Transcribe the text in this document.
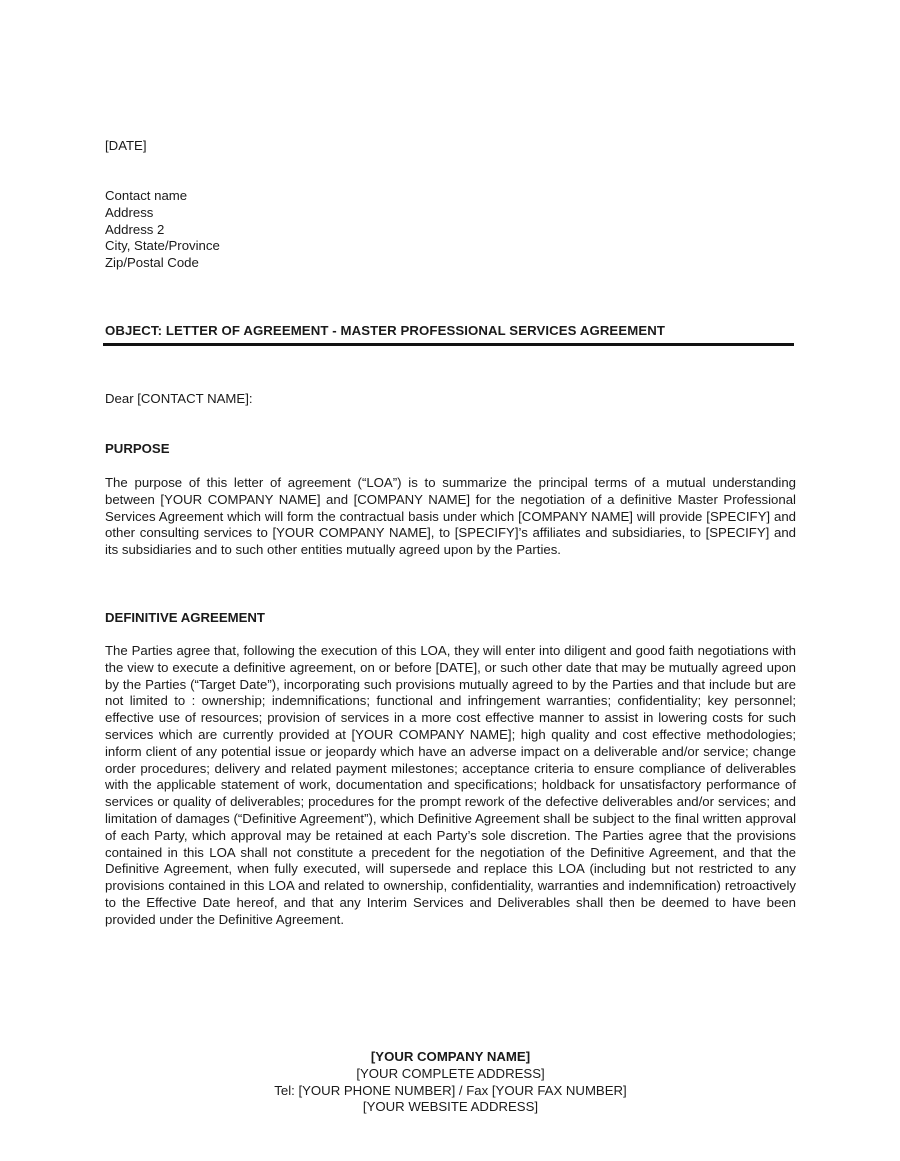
[DATE]
Contact name
Address
Address 2
City, State/Province
Zip/Postal Code
OBJECT: LETTER OF AGREEMENT - MASTER PROFESSIONAL SERVICES AGREEMENT
Dear [CONTACT NAME]:
PURPOSE
The purpose of this letter of agreement (“LOA”) is to summarize the principal terms of a mutual understanding between [YOUR COMPANY NAME] and [COMPANY NAME] for the negotiation of a definitive Master Professional Services Agreement which will form the contractual basis under which [COMPANY NAME] will provide [SPECIFY] and other consulting services to [YOUR COMPANY NAME], to [SPECIFY]’s affiliates and subsidiaries, to [SPECIFY] and its subsidiaries and to such other entities mutually agreed upon by the Parties.
DEFINITIVE AGREEMENT
The Parties agree that, following the execution of this LOA, they will enter into diligent and good faith negotiations with the view to execute a definitive agreement, on or before [DATE], or such other date that may be mutually agreed upon by the Parties (“Target Date”), incorporating such provisions mutually agreed to by the Parties and that include but are not limited to : ownership; indemnifications; functional and infringement warranties; confidentiality; key personnel; effective use of resources; provision of services in a more cost effective manner to assist in lowering costs for such services which are currently provided at [YOUR COMPANY NAME]; high quality and cost effective methodologies; inform client of any potential issue or jeopardy which have an adverse impact on a deliverable and/or service; change order procedures; delivery and related payment milestones; acceptance criteria to ensure compliance of deliverables with the applicable statement of work, documentation and specifications; holdback for unsatisfactory performance of services or quality of deliverables; procedures for the prompt rework of the defective deliverables and/or services; and limitation of damages (“Definitive Agreement”), which Definitive Agreement shall be subject to the final written approval of each Party, which approval may be retained at each Party’s sole discretion. The Parties agree that the provisions contained in this LOA shall not constitute a precedent for the negotiation of the Definitive Agreement, and that the Definitive Agreement, when fully executed, will supersede and replace this LOA (including but not restricted to any provisions contained in this LOA and related to ownership, confidentiality, warranties and indemnification) retroactively to the Effective Date hereof, and that any Interim Services and Deliverables shall then be deemed to have been provided under the Definitive Agreement.
[YOUR COMPANY NAME]
[YOUR COMPLETE ADDRESS]
Tel: [YOUR PHONE NUMBER] / Fax [YOUR FAX NUMBER]
[YOUR WEBSITE ADDRESS]
